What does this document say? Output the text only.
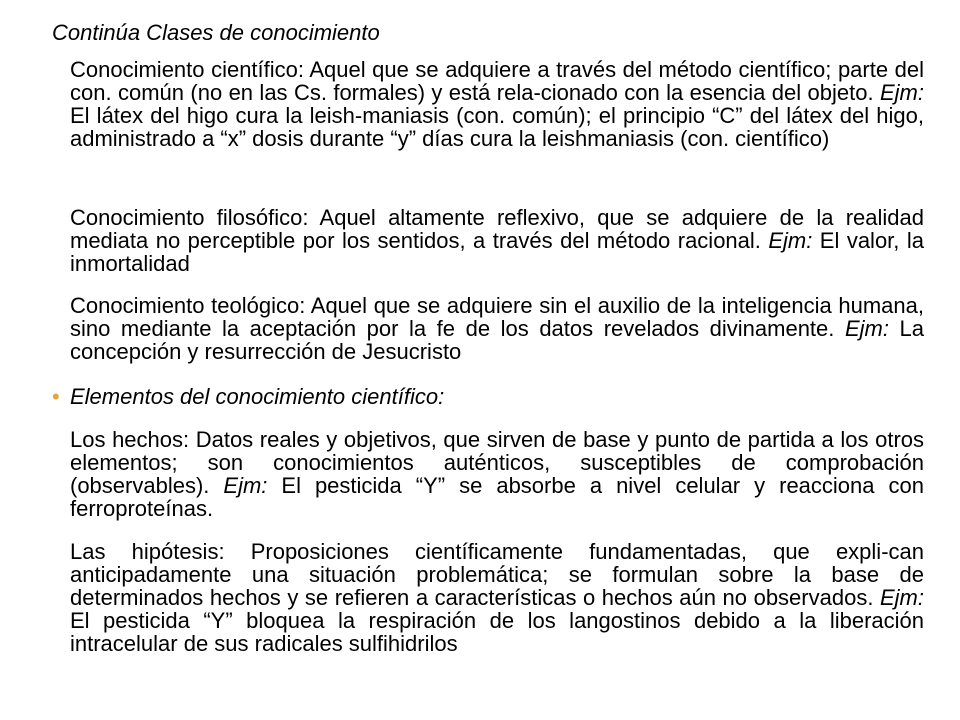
Continúa Clases de conocimiento

Conocimiento científico: Aquel que se adquiere a través del método científico; parte del con. común (no en las Cs. formales) y está rela-cionado con la esencia del objeto. Ejm: El látex del higo cura la leish-maniasis (con. común); el principio “C” del látex del higo, administrado a “x” dosis durante “y” días cura la leishmaniasis (con. científico)

Conocimiento filosófico: Aquel altamente reflexivo, que se adquiere de la realidad mediata no perceptible por los sentidos, a través del método racional. Ejm: El valor, la inmortalidad

Conocimiento teológico: Aquel que se adquiere sin el auxilio de la inteligencia humana, sino mediante la aceptación por la fe de los datos revelados divinamente. Ejm: La concepción y resurrección de Jesucristo

• Elementos del conocimiento científico:

Los hechos: Datos reales y objetivos, que sirven de base y punto de partida a los otros elementos; son conocimientos auténticos, susceptibles de comprobación (observables). Ejm: El pesticida “Y” se absorbe a nivel celular y reacciona con ferroproteínas.

Las hipótesis: Proposiciones científicamente fundamentadas, que expli-can anticipadamente una situación problemática; se formulan sobre la base de determinados hechos y se refieren a características o hechos aún no observados. Ejm: El pesticida “Y” bloquea la respiración de los langostinos debido a la liberación intracelular de sus radicales sulfihidrilos
